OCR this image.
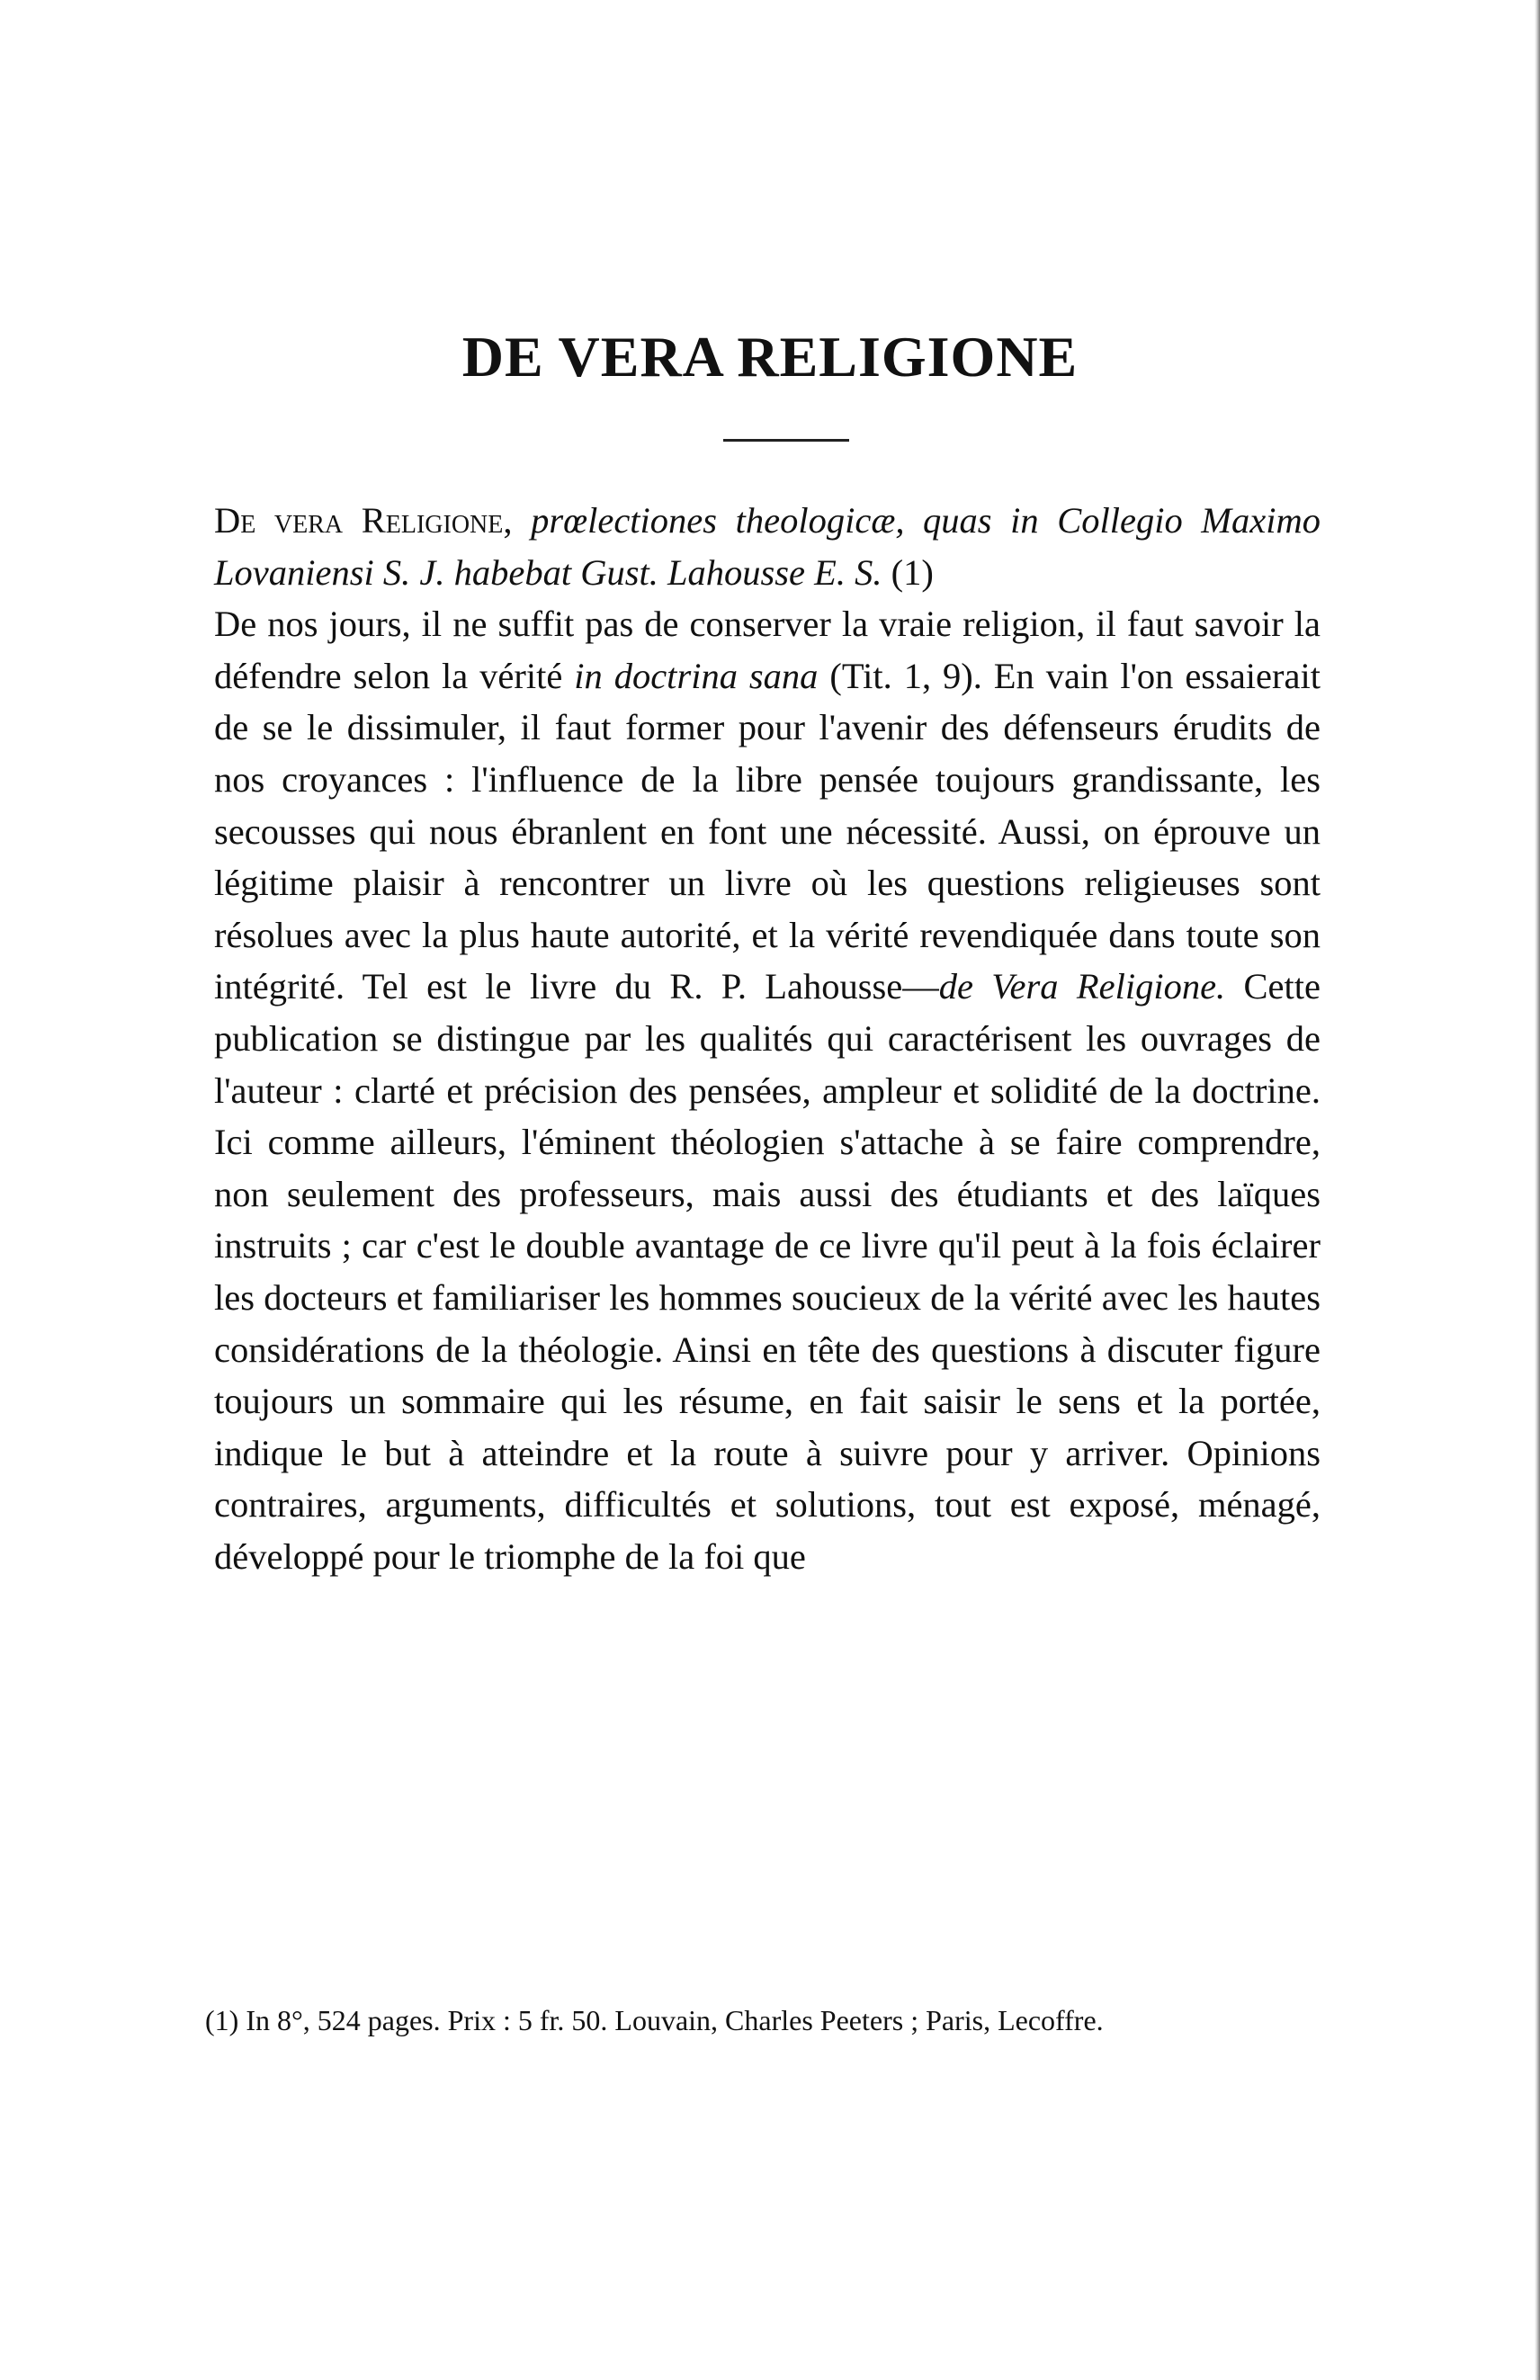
DE VERA RELIGIONE

De vera Religione, prœlectiones theologicæ, quas in Collegio Maximo Lovaniensi S. J. habebat Gust. Lahousse E. S. (1)

De nos jours, il ne suffit pas de conserver la vraie religion, il faut savoir la défendre selon la vérité in doctrina sana (Tit. 1, 9). En vain l'on essaierait de se le dissimuler, il faut former pour l'avenir des défenseurs érudits de nos croyances : l'influence de la libre pensée toujours grandissante, les secousses qui nous ébranlent en font une nécessité. Aussi, on éprouve un légitime plaisir à rencontrer un livre où les questions religieuses sont résolues avec la plus haute autorité, et la vérité revendiquée dans toute son intégrité. Tel est le livre du R. P. Lahousse—de Vera Religione. Cette publication se distingue par les qualités qui caractérisent les ouvrages de l'auteur : clarté et précision des pensées, ampleur et solidité de la doctrine. Ici comme ailleurs, l'éminent théologien s'attache à se faire comprendre, non seulement des professeurs, mais aussi des étudiants et des laïques instruits ; car c'est le double avantage de ce livre qu'il peut à la fois éclairer les docteurs et familiariser les hommes soucieux de la vérité avec les hautes considérations de la théologie. Ainsi en tête des questions à discuter figure toujours un sommaire qui les résume, en fait saisir le sens et la portée, indique le but à atteindre et la route à suivre pour y arriver. Opinions contraires, arguments, difficultés et solutions, tout est exposé, ménagé, développé pour le triomphe de la foi que

(1) In 8°, 524 pages. Prix : 5 fr. 50. Louvain, Charles Peeters ; Paris, Lecoffre.
